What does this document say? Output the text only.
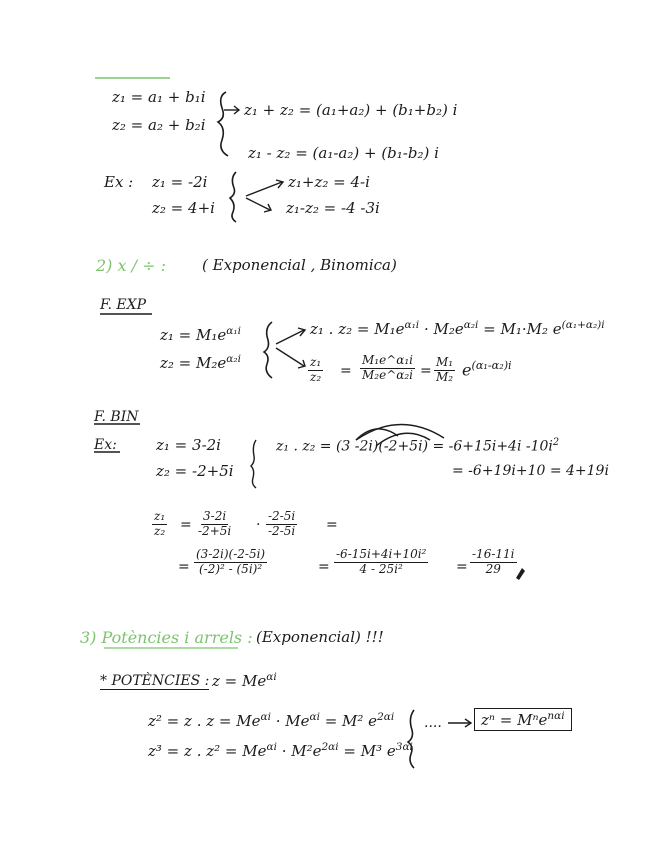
z₁ = a₁ + b₁i
z₂ = a₂ + b₂i
z₁ + z₂ = (a₁+a₂) + (b₁+b₂) i
z₁ - z₂ = (a₁-a₂) + (b₁-b₂) i
Ex : z₁ = -2i
z₂ = 4+i
z₁+z₂ = 4-i
z₁-z₂ = -4 -3i
2) x / ÷ : ( Exponencial , Binomica)
F. EXP
$z_1 = M_1e^{\alpha_1i}$
$z_2 = M_2e^{\alpha_2i}$
z₁ . $z_2 = M_1e^{\alpha_1i} \cdot M_2e^{\alpha_2i} = M_1\cdot M_2$ $e^{(\alpha_1+\alpha_2)i}$
$\frac{\text{z₁}}{\text{z₂}} = \frac{\text{M₁e\textasciicircum{}α₁i}}{\text{M₂e\textasciicircum{}α₂i}} = \frac{\text{M₁}}{\text{M₂}} e^{(\alpha_1-\alpha_2)i}$
F. BIN
Ex:	z₁ = 3-2i
z₂ = -2+5i
z₁ . z₂ = (3 -2i)(-2+5i) = -6+15i+4i $-10i^2$
= -6+19i+10 = 4+19i
$\frac{\text{z₁}}{\text{z₂}} = \frac{3-2i}{-2+5i} \cdot \frac{-2-5i}{-2-5i}$ =
= $\frac{(3-2i)(-2-5i)}{\text{(-2)² - (5i)²}}$	= $\frac{\text{-6-15i+4i+10i²}}{\text{4 - 25i²}} = \frac{-16-11i}{29}$
3) Potències i arrels : (Exponencial) !!!
* POTÈNCIES : $z = Me^{\alpha i}$
z² = z . $z = Me^{\alpha i} \cdot Me^{\alpha i} = M^2$ $e^{2\alpha i}$
z³ = z . $z^2 = Me^{\alpha i} \cdot M^2e^{2\alpha i} = M^3$ $e^{3\alpha i}$
....	zⁿ = Mⁿe$^{n\alpha i}$
